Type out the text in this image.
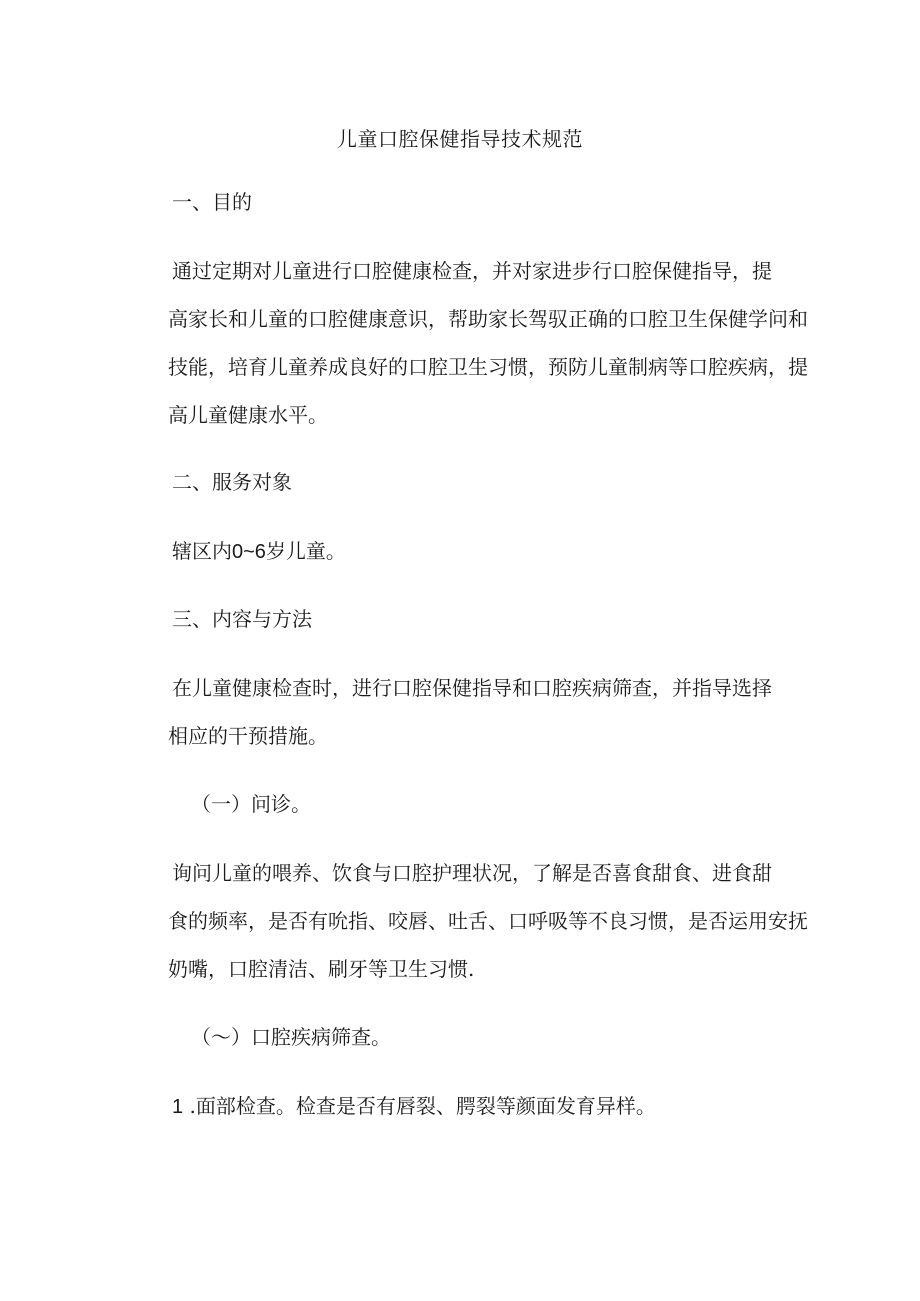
儿童口腔保健指导技术规范
一、目的
通过定期对儿童进行口腔健康检查，并对家进步行口腔保健指导，提
高家长和儿童的口腔健康意识，帮助家长驾驭正确的口腔卫生保健学问和
技能，培育儿童养成良好的口腔卫生习惯，预防儿童制病等口腔疾病，提
高儿童健康水平。
二、服务对象
辖区内0~6岁儿童。
三、内容与方法
在儿童健康检查时，进行口腔保健指导和口腔疾病筛查，并指导选择
相应的干预措施。
（一）问诊。
询问儿童的喂养、饮食与口腔护理状况，了解是否喜食甜食、进食甜
食的频率，是否有吮指、咬唇、吐舌、口呼吸等不良习惯，是否运用安抚
奶嘴，口腔清洁、刷牙等卫生习惯.
（～）口腔疾病筛查。
1 .面部检查。检查是否有唇裂、腭裂等颜面发育异样。
